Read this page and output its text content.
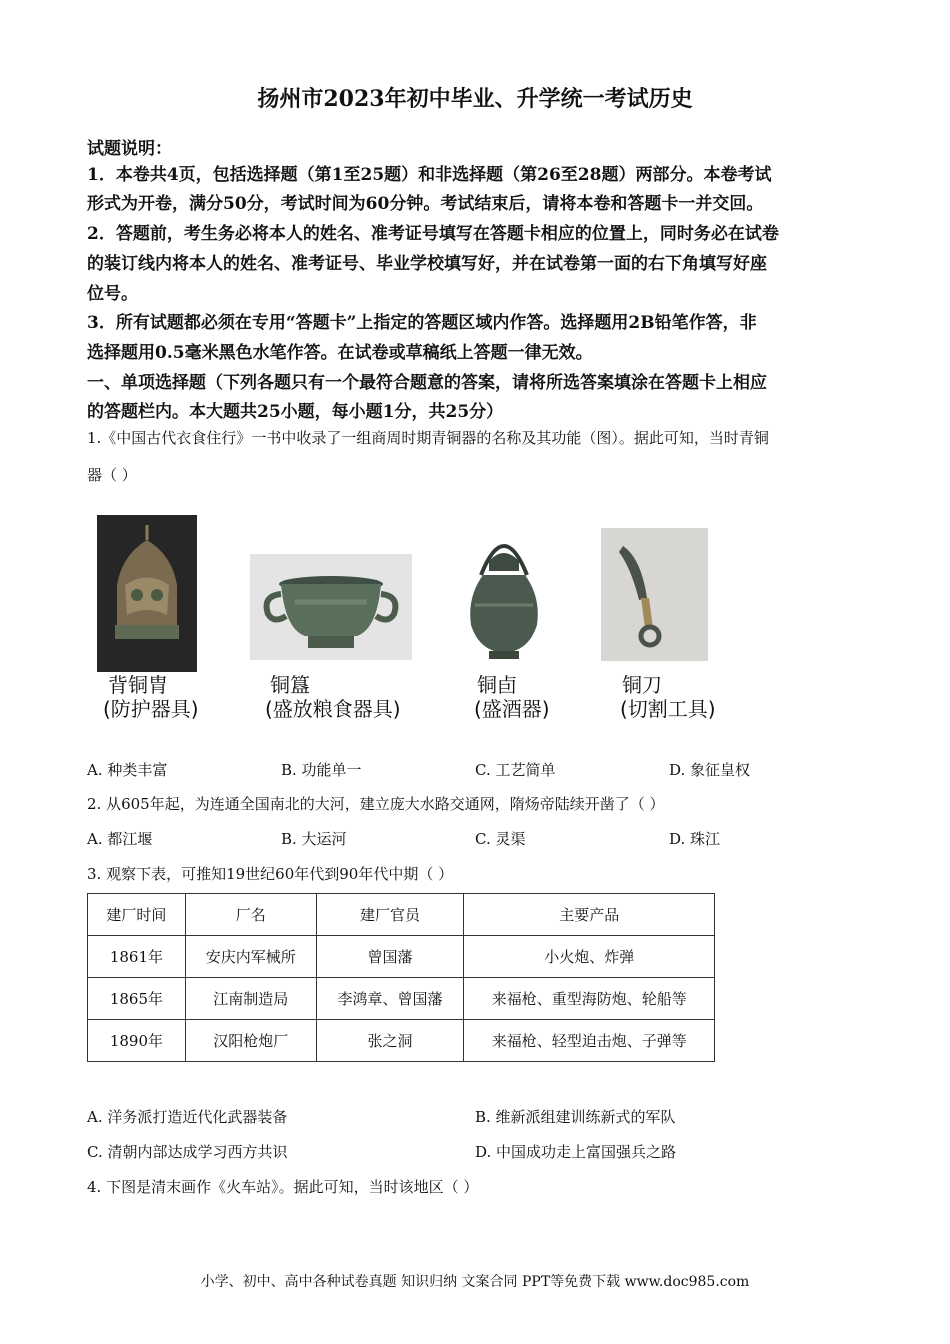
扬州市2023年初中毕业、升学统一考试历史
试题说明：
1．本卷共4页，包括选择题（第1至25题）和非选择题（第26至28题）两部分。本卷考试
形式为开卷，满分50分，考试时间为60分钟。考试结束后，请将本卷和答题卡一并交回。
2．答题前，考生务必将本人的姓名、准考证号填写在答题卡相应的位置上，同时务必在试卷
的装订线内将本人的姓名、准考证号、毕业学校填写好，并在试卷第一面的右下角填写好座
位号。
3．所有试题都必须在专用“答题卡”上指定的答题区域内作答。选择题用2B铅笔作答，非
选择题用0.5毫米黑色水笔作答。在试卷或草稿纸上答题一律无效。
一、单项选择题（下列各题只有一个最符合题意的答案，请将所选答案填涂在答题卡上相应
的答题栏内。本大题共25小题，每小题1分，共25分）
1.《中国古代衣食住行》一书中收录了一组商周时期青铜器的名称及其功能（图）。据此可知，当时青铜
器（ ）
背铜胄
(防护器具)
铜簋
(盛放粮食器具)
铜卣
(盛酒器)
铜刀
(切割工具)
A. 种类丰富	B. 功能单一	C. 工艺简单	D. 象征皇权
2. 从605年起，为连通全国南北的大河，建立庞大水路交通网，隋炀帝陆续开凿了（ ）
A. 都江堰	B. 大运河	C. 灵渠	D. 珠江
3. 观察下表，可推知19世纪60年代到90年代中期（ ）
建厂时间	厂名	建厂官员	主要产品
1861年	安庆内军械所	曾国藩	小火炮、炸弹
1865年	江南制造局	李鸿章、曾国藩	来福枪、重型海防炮、轮船等
1890年	汉阳枪炮厂	张之洞	来福枪、轻型迫击炮、子弹等
A. 洋务派打造近代化武器装备	B. 维新派组建训练新式的军队
C. 清朝内部达成学习西方共识	D. 中国成功走上富国强兵之路
4. 下图是清末画作《火车站》。据此可知，当时该地区（ ）
小学、初中、高中各种试卷真题 知识归纳 文案合同 PPT等免费下载 www.doc985.com
